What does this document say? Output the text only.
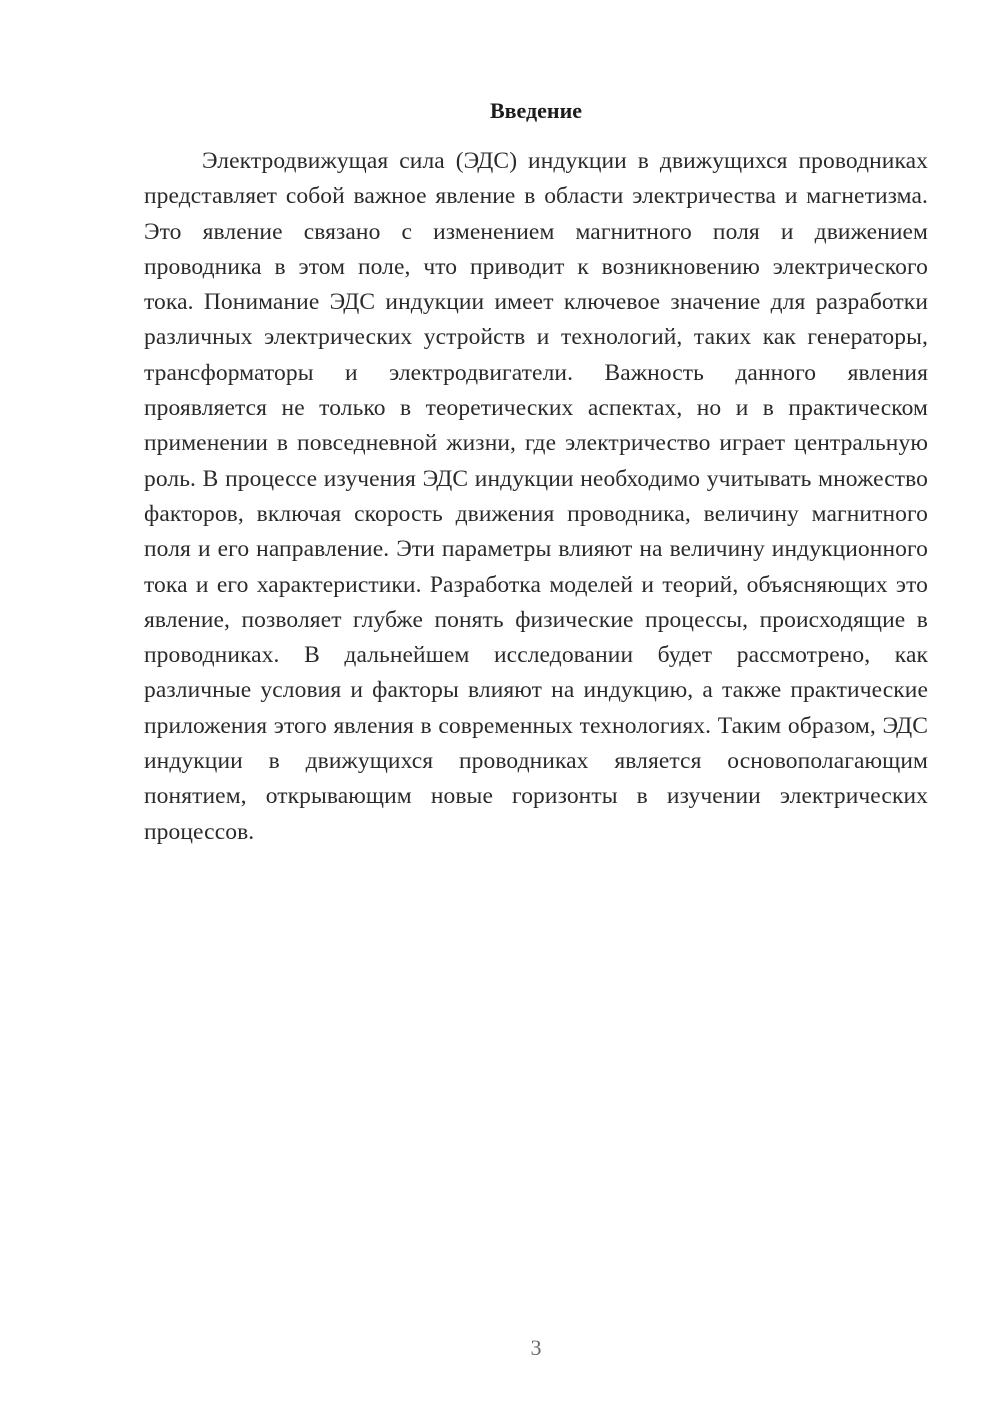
Введение

Электродвижущая сила (ЭДС) индукции в движущихся проводниках представляет собой важное явление в области электричества и магнетизма. Это явление связано с изменением магнитного поля и движением проводника в этом поле, что приводит к возникновению электрического тока. Понимание ЭДС индукции имеет ключевое значение для разработки различных электрических устройств и технологий, таких как генераторы, трансформаторы и электродвигатели. Важность данного явления проявляется не только в теоретических аспектах, но и в практическом применении в повседневной жизни, где электричество играет центральную роль. В процессе изучения ЭДС индукции необходимо учитывать множество факторов, включая скорость движения проводника, величину магнитного поля и его направление. Эти параметры влияют на величину индукционного тока и его характеристики. Разработка моделей и теорий, объясняющих это явление, позволяет глубже понять физические процессы, происходящие в проводниках. В дальнейшем исследовании будет рассмотрено, как различные условия и факторы влияют на индукцию, а также практические приложения этого явления в современных технологиях. Таким образом, ЭДС индукции в движущихся проводниках является основополагающим понятием, открывающим новые горизонты в изучении электрических процессов.

3
